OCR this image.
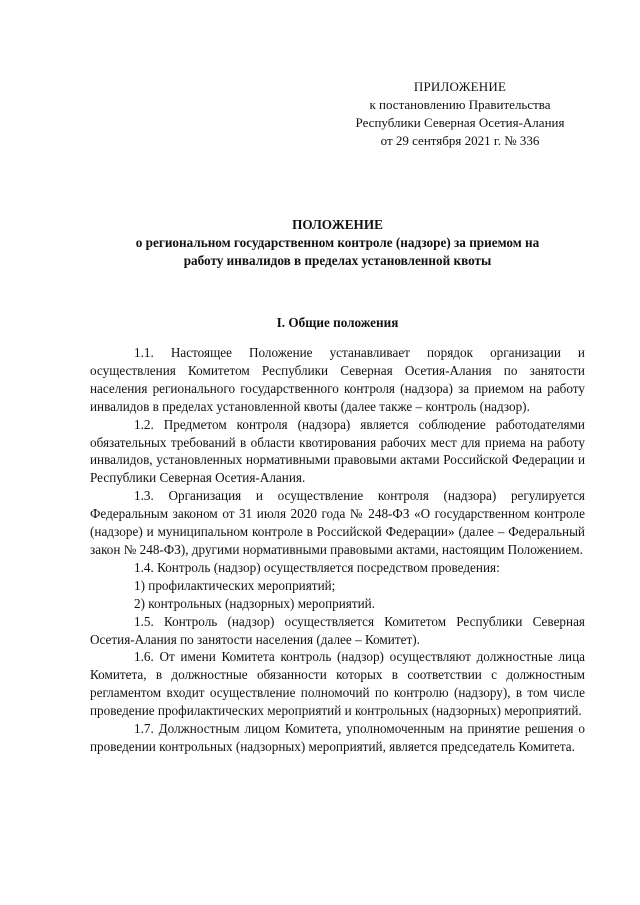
ПРИЛОЖЕНИЕ
к постановлению Правительства
Республики Северная Осетия-Алания
от 29 сентября 2021 г. № 336
ПОЛОЖЕНИЕ
о региональном государственном контроле (надзоре) за приемом на
работу инвалидов в пределах установленной квоты
I. Общие положения

1.1. Настоящее Положение устанавливает порядок организации и осуществления Комитетом Республики Северная Осетия-Алания по занятости населения регионального государственного контроля (надзора) за приемом на работу инвалидов в пределах установленной квоты (далее также – контроль (надзор).

1.2. Предметом контроля (надзора) является соблюдение работодателями обязательных требований в области квотирования рабочих мест для приема на работу инвалидов, установленных нормативными правовыми актами Российской Федерации и Республики Северная Осетия-Алания.

1.3. Организация и осуществление контроля (надзора) регулируется Федеральным законом от 31 июля 2020 года № 248-ФЗ «О государственном контроле (надзоре) и муниципальном контроле в Российской Федерации» (далее – Федеральный закон № 248-ФЗ), другими нормативными правовыми актами, настоящим Положением.

1.4. Контроль (надзор) осуществляется посредством проведения:

1) профилактических мероприятий;

2) контрольных (надзорных) мероприятий.

1.5. Контроль (надзор) осуществляется Комитетом Республики Северная Осетия-Алания по занятости населения (далее – Комитет).

1.6. От имени Комитета контроль (надзор) осуществляют должностные лица Комитета, в должностные обязанности которых в соответствии с должностным регламентом входит осуществление полномочий по контролю (надзору), в том числе проведение профилактических мероприятий и контрольных (надзорных) мероприятий.

1.7. Должностным лицом Комитета, уполномоченным на принятие решения о проведении контрольных (надзорных) мероприятий, является председатель Комитета.
